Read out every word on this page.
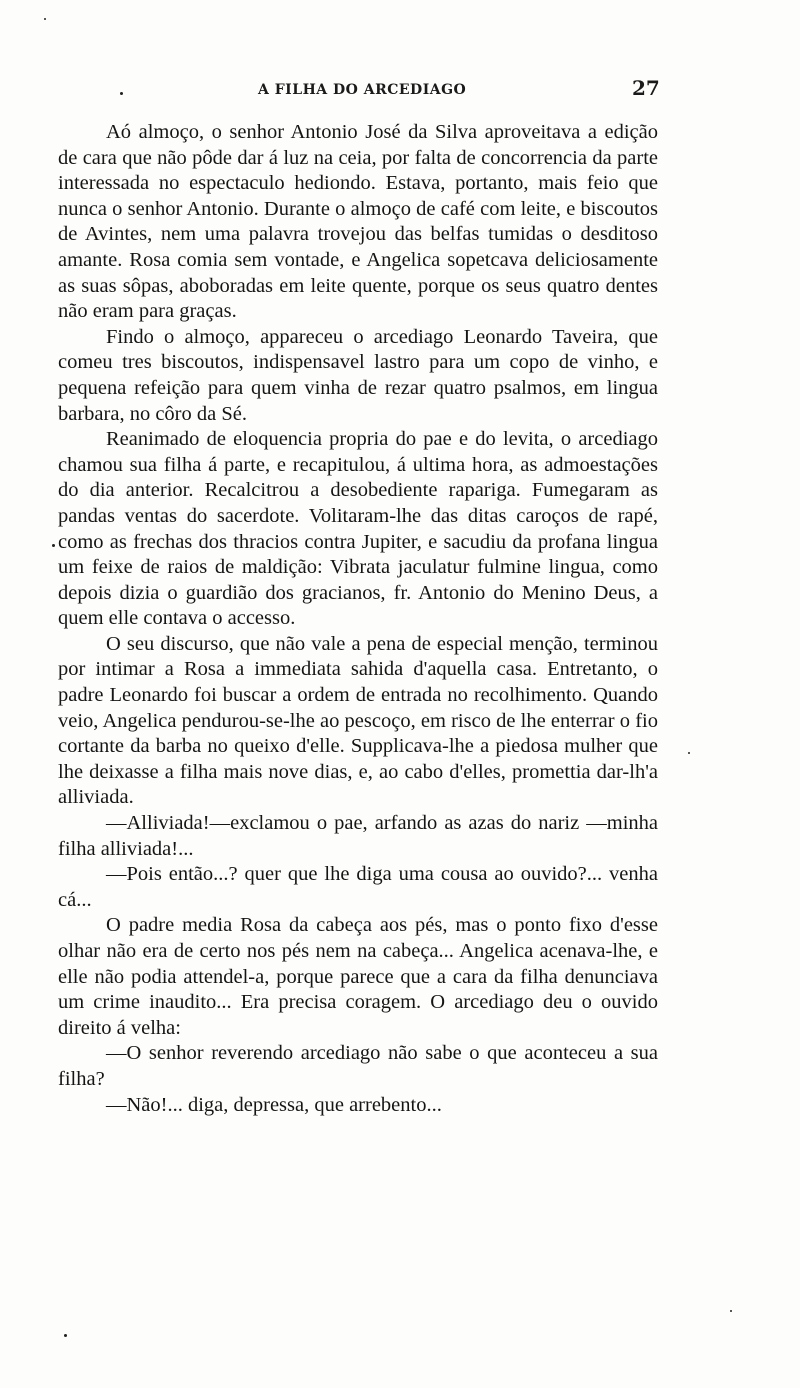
A FILHA DO ARCEDIAGO	27

Aó almoço, o senhor Antonio José da Silva aproveitava a edição de cara que não pôde dar á luz na ceia, por falta de concorrencia da parte interessada no espectaculo hediondo. Estava, portanto, mais feio que nunca o senhor Antonio. Durante o almoço de café com leite, e biscoutos de Avintes, nem uma palavra trovejou das belfas tumidas o desditoso amante. Rosa comia sem vontade, e Angelica sopetcava deliciosamente as suas sôpas, aboboradas em leite quente, porque os seus quatro dentes não eram para graças.

Findo o almoço, appareceu o arcediago Leonardo Taveira, que comeu tres biscoutos, indispensavel lastro para um copo de vinho, e pequena refeição para quem vinha de rezar quatro psalmos, em lingua barbara, no côro da Sé.

Reanimado de eloquencia propria do pae e do levita, o arcediago chamou sua filha á parte, e recapitulou, á ultima hora, as admoestações do dia anterior. Recalcitrou a desobediente rapariga. Fumegaram as pandas ventas do sacerdote. Volitaram-lhe das ditas caroços de rapé, como as frechas dos thracios contra Jupiter, e sacudiu da profana lingua um feixe de raios de maldição: Vibrata jaculatur fulmine lingua, como depois dizia o guardião dos gracianos, fr. Antonio do Menino Deus, a quem elle contava o accesso.

O seu discurso, que não vale a pena de especial menção, terminou por intimar a Rosa a immediata sahida d'aquella casa. Entretanto, o padre Leonardo foi buscar a ordem de entrada no recolhimento. Quando veio, Angelica pendurou-se-lhe ao pescoço, em risco de lhe enterrar o fio cortante da barba no queixo d'elle. Supplicava-lhe a piedosa mulher que lhe deixasse a filha mais nove dias, e, ao cabo d'elles, promettia dar-lh'a alliviada.

—Alliviada!—exclamou o pae, arfando as azas do nariz —minha filha alliviada!...

—Pois então...? quer que lhe diga uma cousa ao ouvido?... venha cá...

O padre media Rosa da cabeça aos pés, mas o ponto fixo d'esse olhar não era de certo nos pés nem na cabeça... Angelica acenava-lhe, e elle não podia attendel-a, porque parece que a cara da filha denunciava um crime inaudito... Era precisa coragem. O arcediago deu o ouvido direito á velha:

—O senhor reverendo arcediago não sabe o que aconteceu a sua filha?

—Não!... diga, depressa, que arrebento...
